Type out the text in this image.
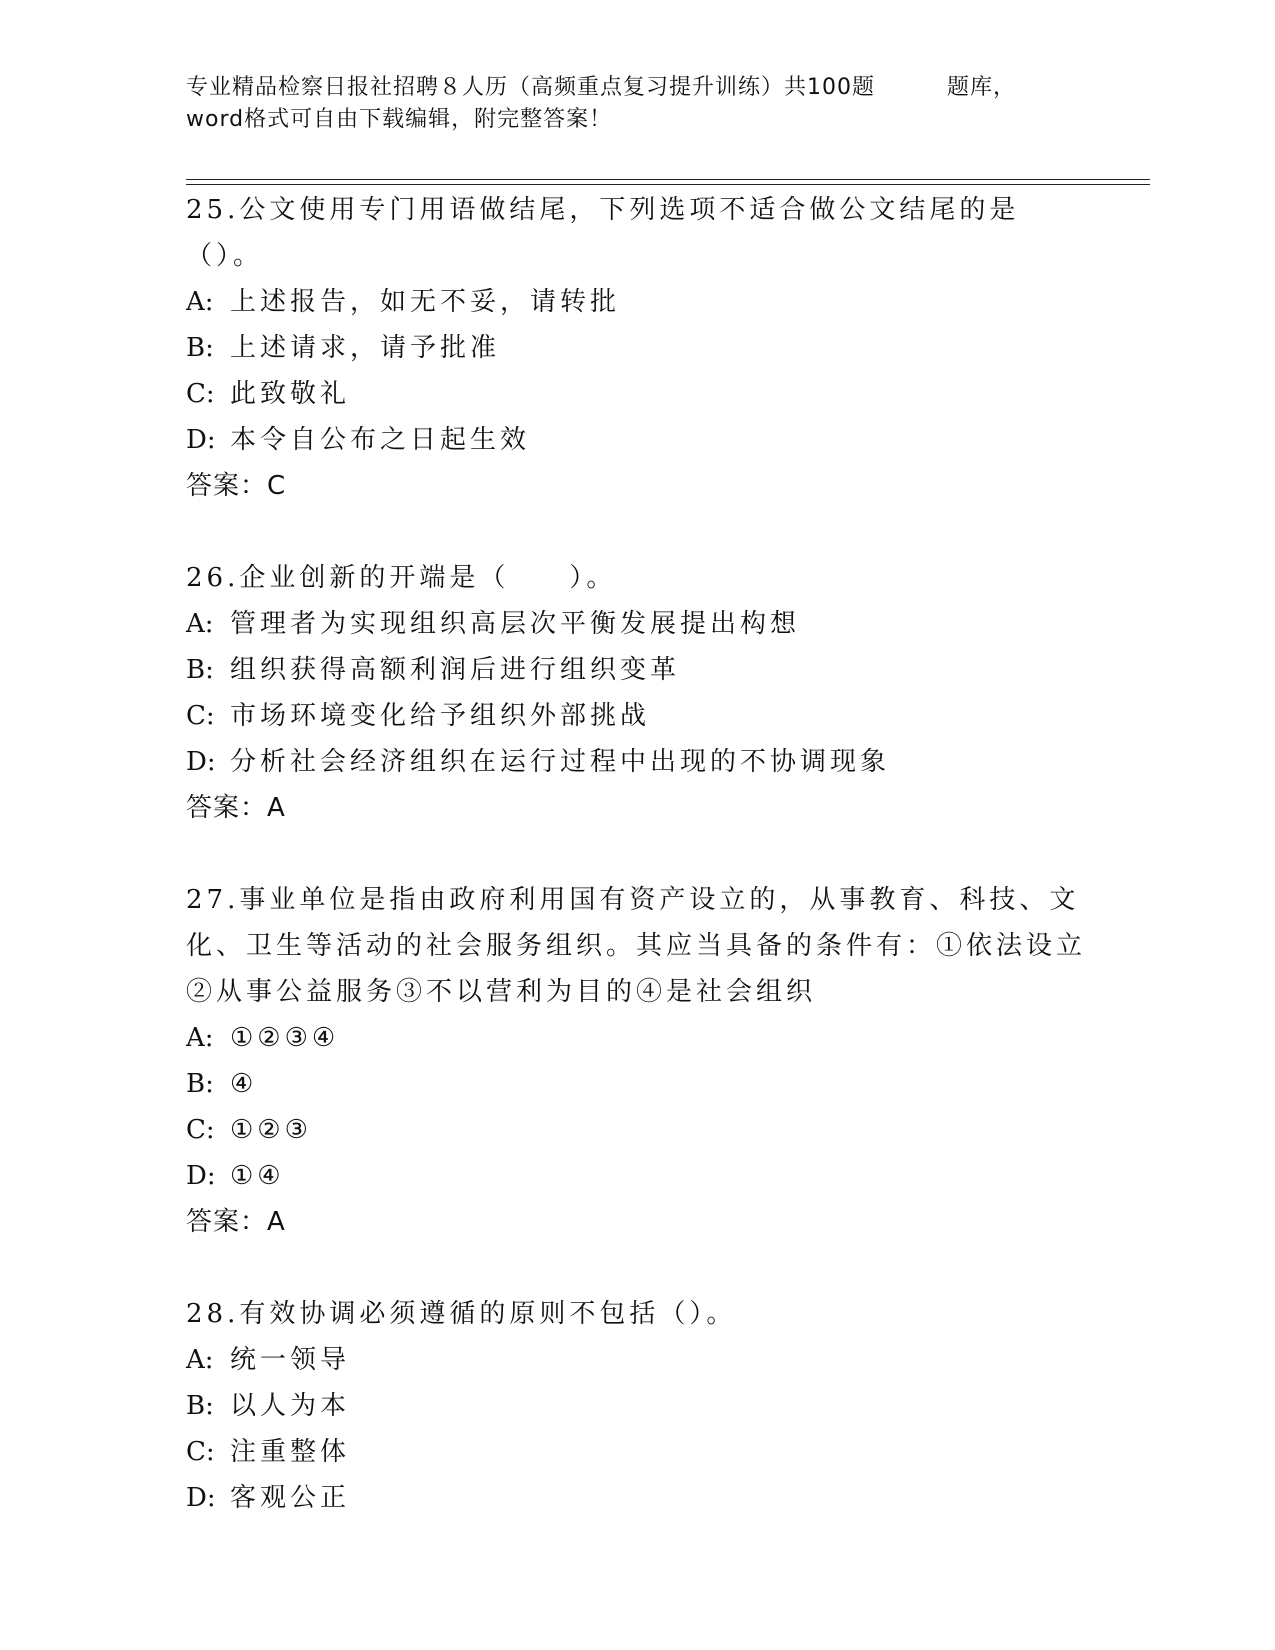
专业精品检察日报社招聘８人历（高频重点复习提升训练）共100题	题库，
word格式可自由下载编辑，附完整答案！

25.公文使用专门用语做结尾，下列选项不适合做公文结尾的是（）。

A: 上述报告，如无不妥，请转批
B: 上述请求，请予批准
C: 此致敬礼
D: 本令自公布之日起生效
答案：C

26.企业创新的开端是（　　）。

A: 管理者为实现组织高层次平衡发展提出构想
B: 组织获得高额利润后进行组织变革
C: 市场环境变化给予组织外部挑战
D: 分析社会经济组织在运行过程中出现的不协调现象
答案：A

27.事业单位是指由政府利用国有资产设立的，从事教育、科技、文化、卫生等活动的社会服务组织。其应当具备的条件有：①依法设立②从事公益服务③不以营利为目的④是社会组织

A: ①②③④
B: ④
C: ①②③
D: ①④
答案：A

28.有效协调必须遵循的原则不包括（）。

A: 统一领导
B: 以人为本
C: 注重整体
D: 客观公正
